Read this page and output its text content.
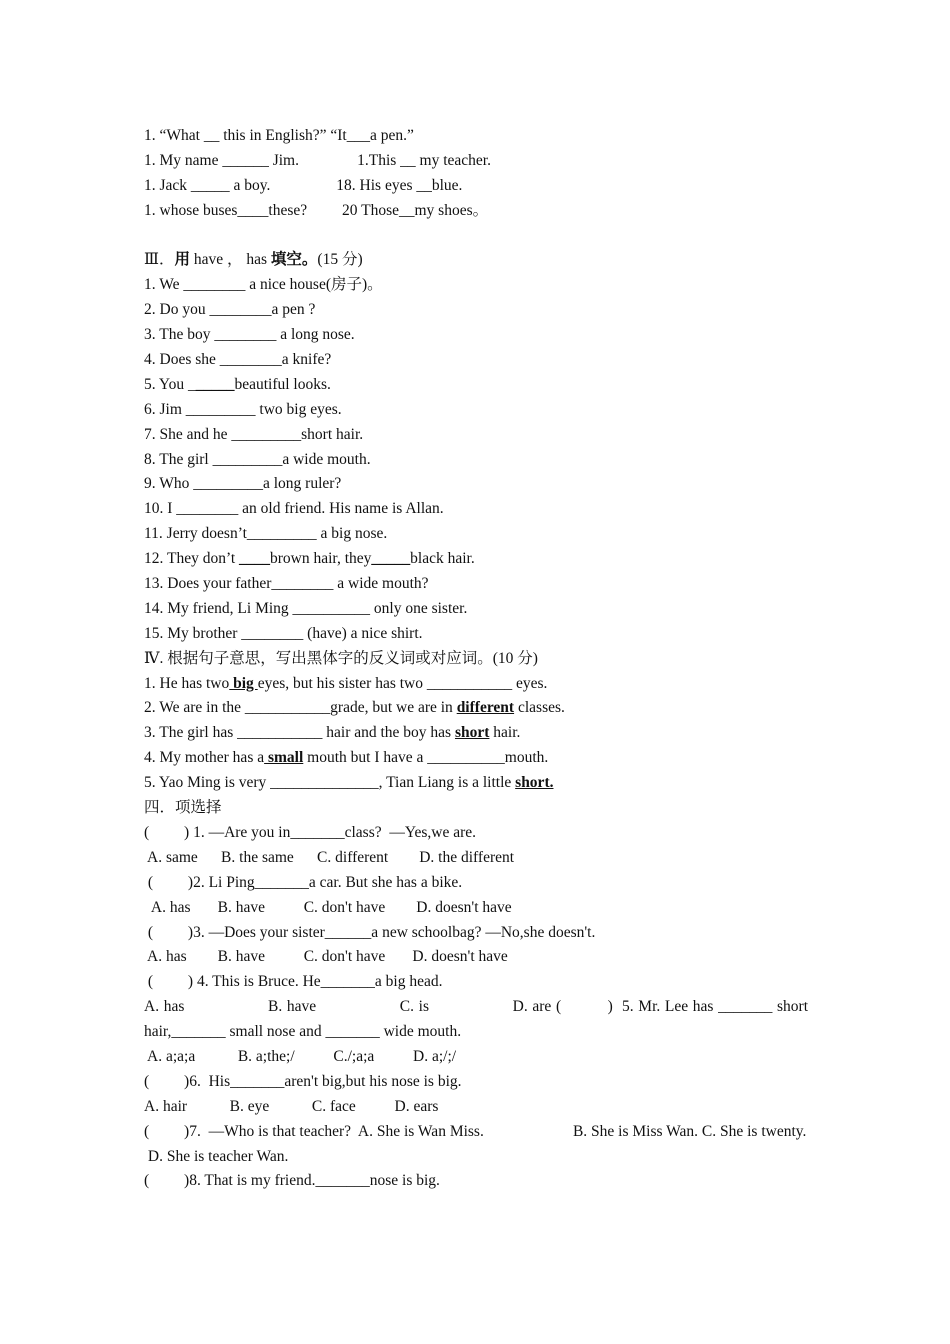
1. “What __ this in English?” “It___a pen.”
1. My name ______ Jim.               1.This __ my teacher.
1. Jack _____ a boy.                 18. His eyes __blue.
1. whose buses____these?         20 Those__my shoes。
Ⅲ．用 have ， has 填空。(15 分)
1. We ________ a nice house(房子)。
2. Do you ________a pen ?
3. The boy ________ a long nose.
4. Does she ________a knife?
5. You ______beautiful looks.
6. Jim _________ two big eyes.
7. She and he _________short hair.
8. The girl _________a wide mouth.
9. Who _________a long ruler?
10. I ________ an old friend. His name is Allan.
11. Jerry doesn’t_________ a big nose.
12. They don’t ____brown hair, they_____black hair.
13. Does your father________ a wide mouth?
14. My friend, Li Ming __________ only one sister.
15. My brother ________ (have) a nice shirt.
Ⅳ. 根据句子意思，写出黑体字的反义词或对应词。(10 分)
1. He has two big eyes, but his sister has two ___________ eyes.
2. We are in the ___________grade, but we are in different classes.
3. The girl has ___________ hair and the boy has short hair.
4. My mother has a small mouth but I have a __________mouth.
5. Yao Ming is very ______________, Tian Liang is a little short.
四．项选择
(         ) 1. —Are you in_______class?  —Yes,we are.
A. same      B. the same      C. different        D. the different
(         )2. Li Ping_______a car. But she has a bike.
A. has       B. have          C. don't have        D. doesn't have
(         )3. —Does your sister______a new schoolbag? —No,she doesn't.
A. has        B. have          C. don't have       D. doesn't have
(         ) 4. This is Bruce. He_______a big head.
A. has                  B. have                  C. is                  D. are (          )  5. Mr. Lee has _______ short hair,_______ small nose and _______ wide mouth.
A. a;a;a           B. a;the;/          C./;a;a          D. a;/;/
(         )6.  His_______aren't big,but his nose is big.
A. hair           B. eye           C. face          D. ears
(         )7.  —Who is that teacher?  A. She is Wan Miss.                       B. She is Miss Wan. C. She is twenty.
D. She is teacher Wan.
(         )8. That is my friend._______nose is big.
